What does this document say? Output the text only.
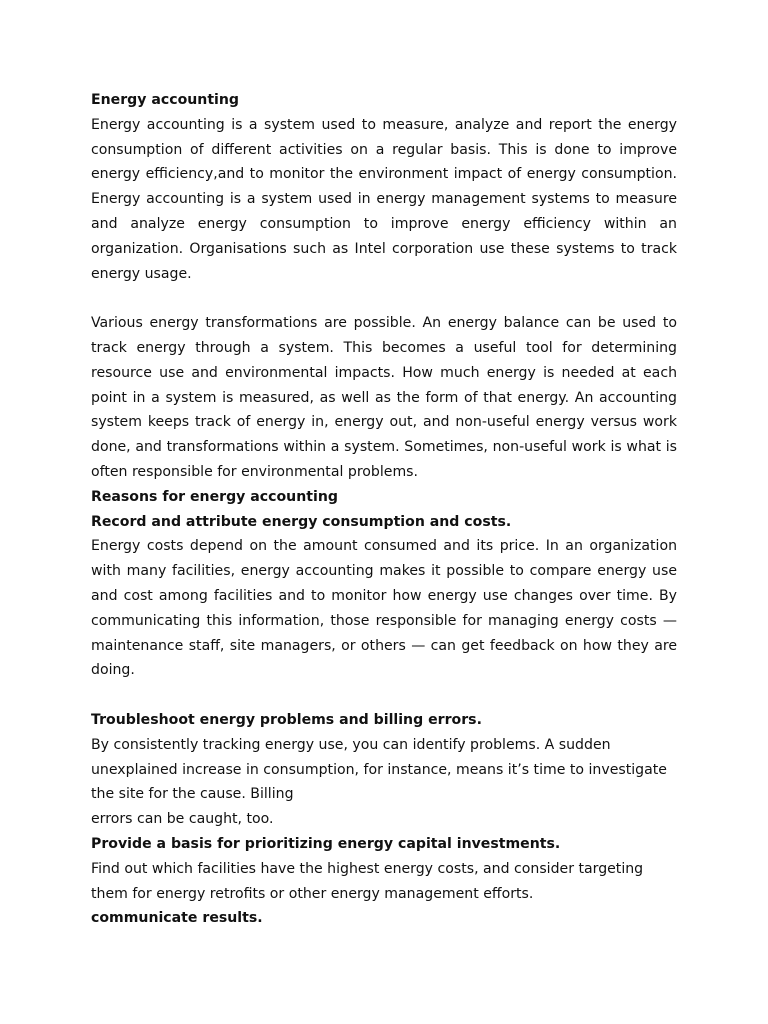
Energy accounting

Energy accounting is a system used to measure, analyze and report the energy consumption of different activities on a regular basis. This is done to improve energy efficiency,and to monitor the environment impact of energy consumption. Energy accounting is a system used in energy management systems to measure and analyze energy consumption to improve energy efficiency within an organization. Organisations such as Intel corporation use these systems to track energy usage.

Various energy transformations are possible. An energy balance can be used to track energy through a system. This becomes a useful tool for determining resource use and environmental impacts. How much energy is needed at each point in a system is measured, as well as the form of that energy. An accounting system keeps track of energy in, energy out, and non-useful energy versus work done, and transformations within a system. Sometimes, non-useful work is what is often responsible for environmental problems.

Reasons for energy accounting
Record and attribute energy consumption and costs.

Energy costs depend on the amount consumed and its price. In an organization with many facilities, energy accounting makes it possible to compare energy use and cost among facilities and to monitor how energy use changes over time. By communicating this information, those responsible for managing energy costs — maintenance staff, site managers, or others — can get feedback on how they are doing.

Troubleshoot energy problems and billing errors.

By consistently tracking energy use, you can identify problems. A sudden unexplained increase in consumption, for instance, means it’s time to investigate the site for the cause. Billing

errors can be caught, too.

Provide a basis for prioritizing energy capital investments.

Find out which facilities have the highest energy costs, and consider targeting them for energy retrofits or other energy management efforts.

communicate results.
